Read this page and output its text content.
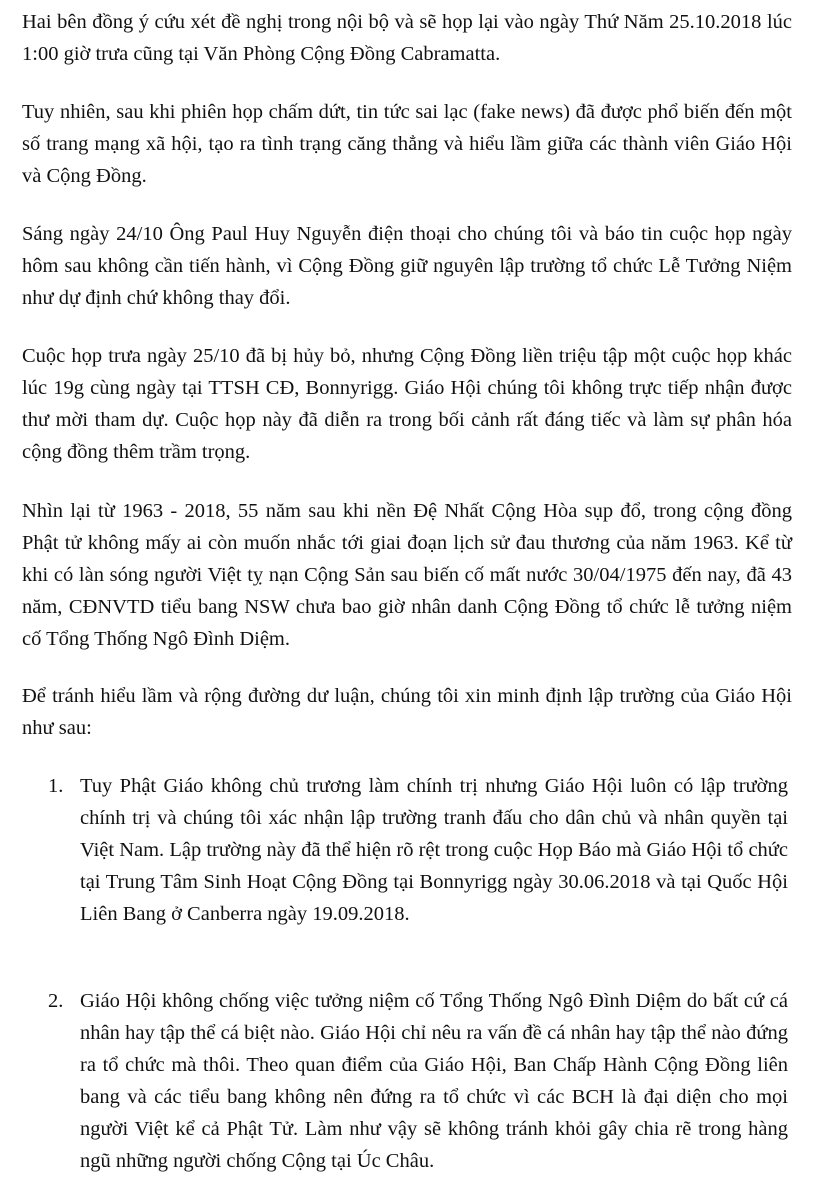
Hai bên đồng ý cứu xét đề nghị trong nội bộ và sẽ họp lại vào ngày Thứ Năm 25.10.2018 lúc 1:00 giờ trưa cũng tại Văn Phòng Cộng Đồng Cabramatta.

Tuy nhiên, sau khi phiên họp chấm dứt, tin tức sai lạc (fake news) đã được phổ biến đến một số trang mạng xã hội, tạo ra tình trạng căng thẳng và hiểu lầm giữa các thành viên Giáo Hội và Cộng Đồng.

Sáng ngày 24/10 Ông Paul Huy Nguyễn điện thoại cho chúng tôi và báo tin cuộc họp ngày hôm sau không cần tiến hành, vì Cộng Đồng giữ nguyên lập trường tổ chức Lễ Tưởng Niệm như dự định chứ không thay đổi.

Cuộc họp trưa ngày 25/10 đã bị hủy bỏ, nhưng Cộng Đồng liền triệu tập một cuộc họp khác lúc 19g cùng ngày tại TTSH CĐ, Bonnyrigg. Giáo Hội chúng tôi không trực tiếp nhận được thư mời tham dự. Cuộc họp này đã diễn ra trong bối cảnh rất đáng tiếc và làm sự phân hóa cộng đồng thêm trầm trọng.

Nhìn lại từ 1963 - 2018, 55 năm sau khi nền Đệ Nhất Cộng Hòa sụp đổ, trong cộng đồng Phật tử không mấy ai còn muốn nhắc tới giai đoạn lịch sử đau thương của năm 1963. Kể từ khi có làn sóng người Việt tỵ nạn Cộng Sản sau biến cố mất nước 30/04/1975 đến nay, đã 43 năm, CĐNVTD tiểu bang NSW chưa bao giờ nhân danh Cộng Đồng tổ chức lễ tưởng niệm cố Tổng Thống Ngô Đình Diệm.

Để tránh hiểu lầm và rộng đường dư luận, chúng tôi xin minh định lập trường của Giáo Hội như sau:

1. Tuy Phật Giáo không chủ trương làm chính trị nhưng Giáo Hội luôn có lập trường chính trị và chúng tôi xác nhận lập trường tranh đấu cho dân chủ và nhân quyền tại Việt Nam. Lập trường này đã thể hiện rõ rệt trong cuộc Họp Báo mà Giáo Hội tổ chức tại Trung Tâm Sinh Hoạt Cộng Đồng tại Bonnyrigg ngày 30.06.2018 và tại Quốc Hội Liên Bang ở Canberra ngày 19.09.2018.
2. Giáo Hội không chống việc tưởng niệm cố Tổng Thống Ngô Đình Diệm do bất cứ cá nhân hay tập thể cá biệt nào. Giáo Hội chỉ nêu ra vấn đề cá nhân hay tập thể nào đứng ra tổ chức mà thôi. Theo quan điểm của Giáo Hội, Ban Chấp Hành Cộng Đồng liên bang và các tiểu bang không nên đứng ra tổ chức vì các BCH là đại diện cho mọi người Việt kể cả Phật Tử. Làm như vậy sẽ không tránh khỏi gây chia rẽ trong hàng ngũ những người chống Cộng tại Úc Châu.
